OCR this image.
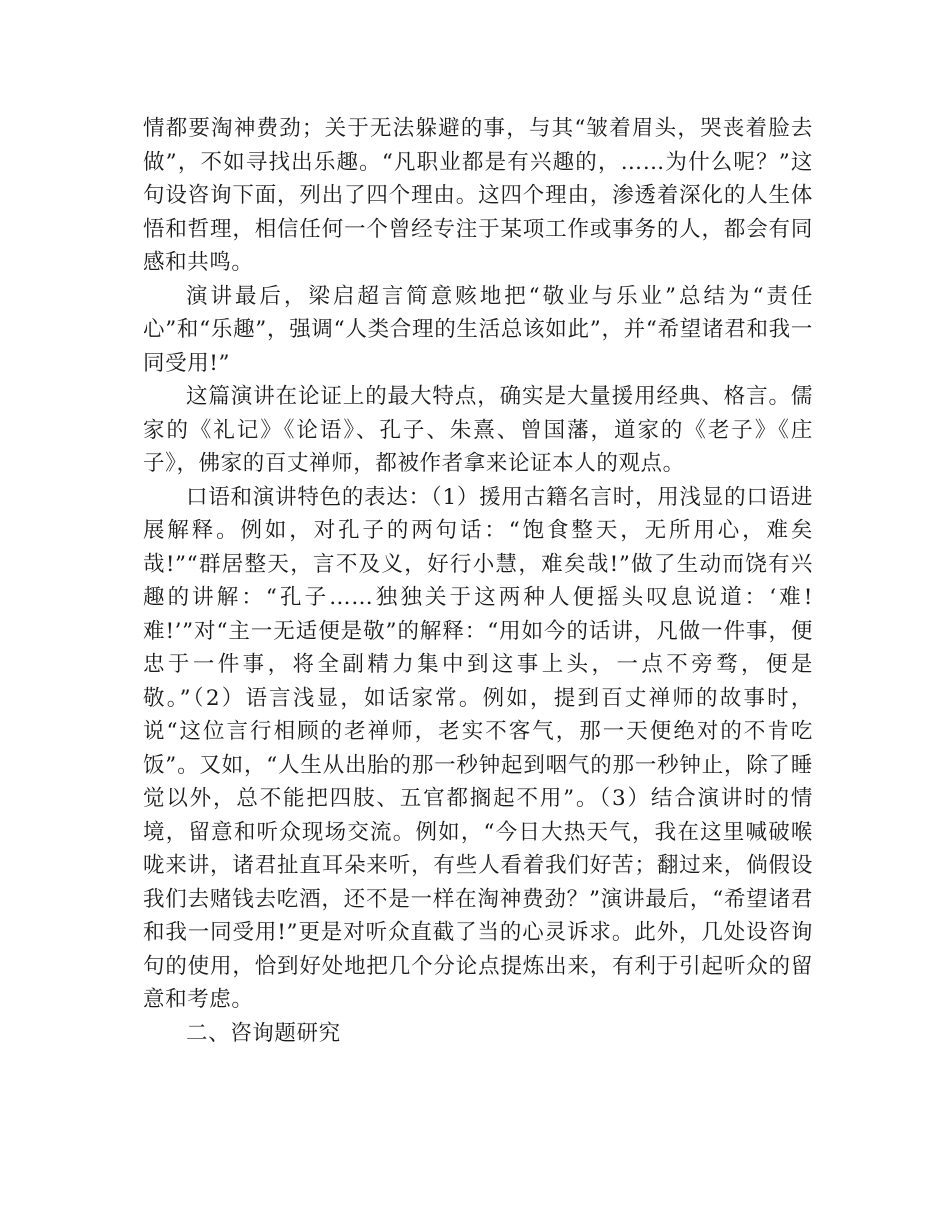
情都要淘神费劲；关于无法躲避的事，与其“皱着眉头，哭丧着脸去做”，不如寻找出乐趣。“凡职业都是有兴趣的，……为什么呢？”这句设咨询下面，列出了四个理由。这四个理由，渗透着深化的人生体悟和哲理，相信任何一个曾经专注于某项工作或事务的人，都会有同感和共鸣。

演讲最后，梁启超言简意赅地把“敬业与乐业”总结为“责任心”和“乐趣”，强调“人类合理的生活总该如此”，并“希望诸君和我一同受用!”

这篇演讲在论证上的最大特点，确实是大量援用经典、格言。儒家的《礼记》《论语》、孔子、朱熹、曾国藩，道家的《老子》《庄子》，佛家的百丈禅师，都被作者拿来论证本人的观点。

口语和演讲特色的表达：（1）援用古籍名言时，用浅显的口语进展解释。例如，对孔子的两句话：“饱食整天，无所用心，难矣哉!”“群居整天，言不及义，好行小慧，难矣哉!”做了生动而饶有兴趣的讲解：“孔子……独独关于这两种人便摇头叹息说道：‘难!难!’”对“主一无适便是敬”的解释：“用如今的话讲，凡做一件事，便忠于一件事，将全副精力集中到这事上头，一点不旁骛，便是敬。”（2）语言浅显，如话家常。例如，提到百丈禅师的故事时，说“这位言行相顾的老禅师，老实不客气，那一天便绝对的不肯吃饭”。又如，“人生从出胎的那一秒钟起到咽气的那一秒钟止，除了睡觉以外，总不能把四肢、五官都搁起不用”。（3）结合演讲时的情境，留意和听众现场交流。例如，“今日大热天气，我在这里喊破喉咙来讲，诸君扯直耳朵来听，有些人看着我们好苦；翻过来，倘假设我们去赌钱去吃酒，还不是一样在淘神费劲？”演讲最后，“希望诸君和我一同受用!”更是对听众直截了当的心灵诉求。此外，几处设咨询句的使用，恰到好处地把几个分论点提炼出来，有利于引起听众的留意和考虑。

二、咨询题研究
